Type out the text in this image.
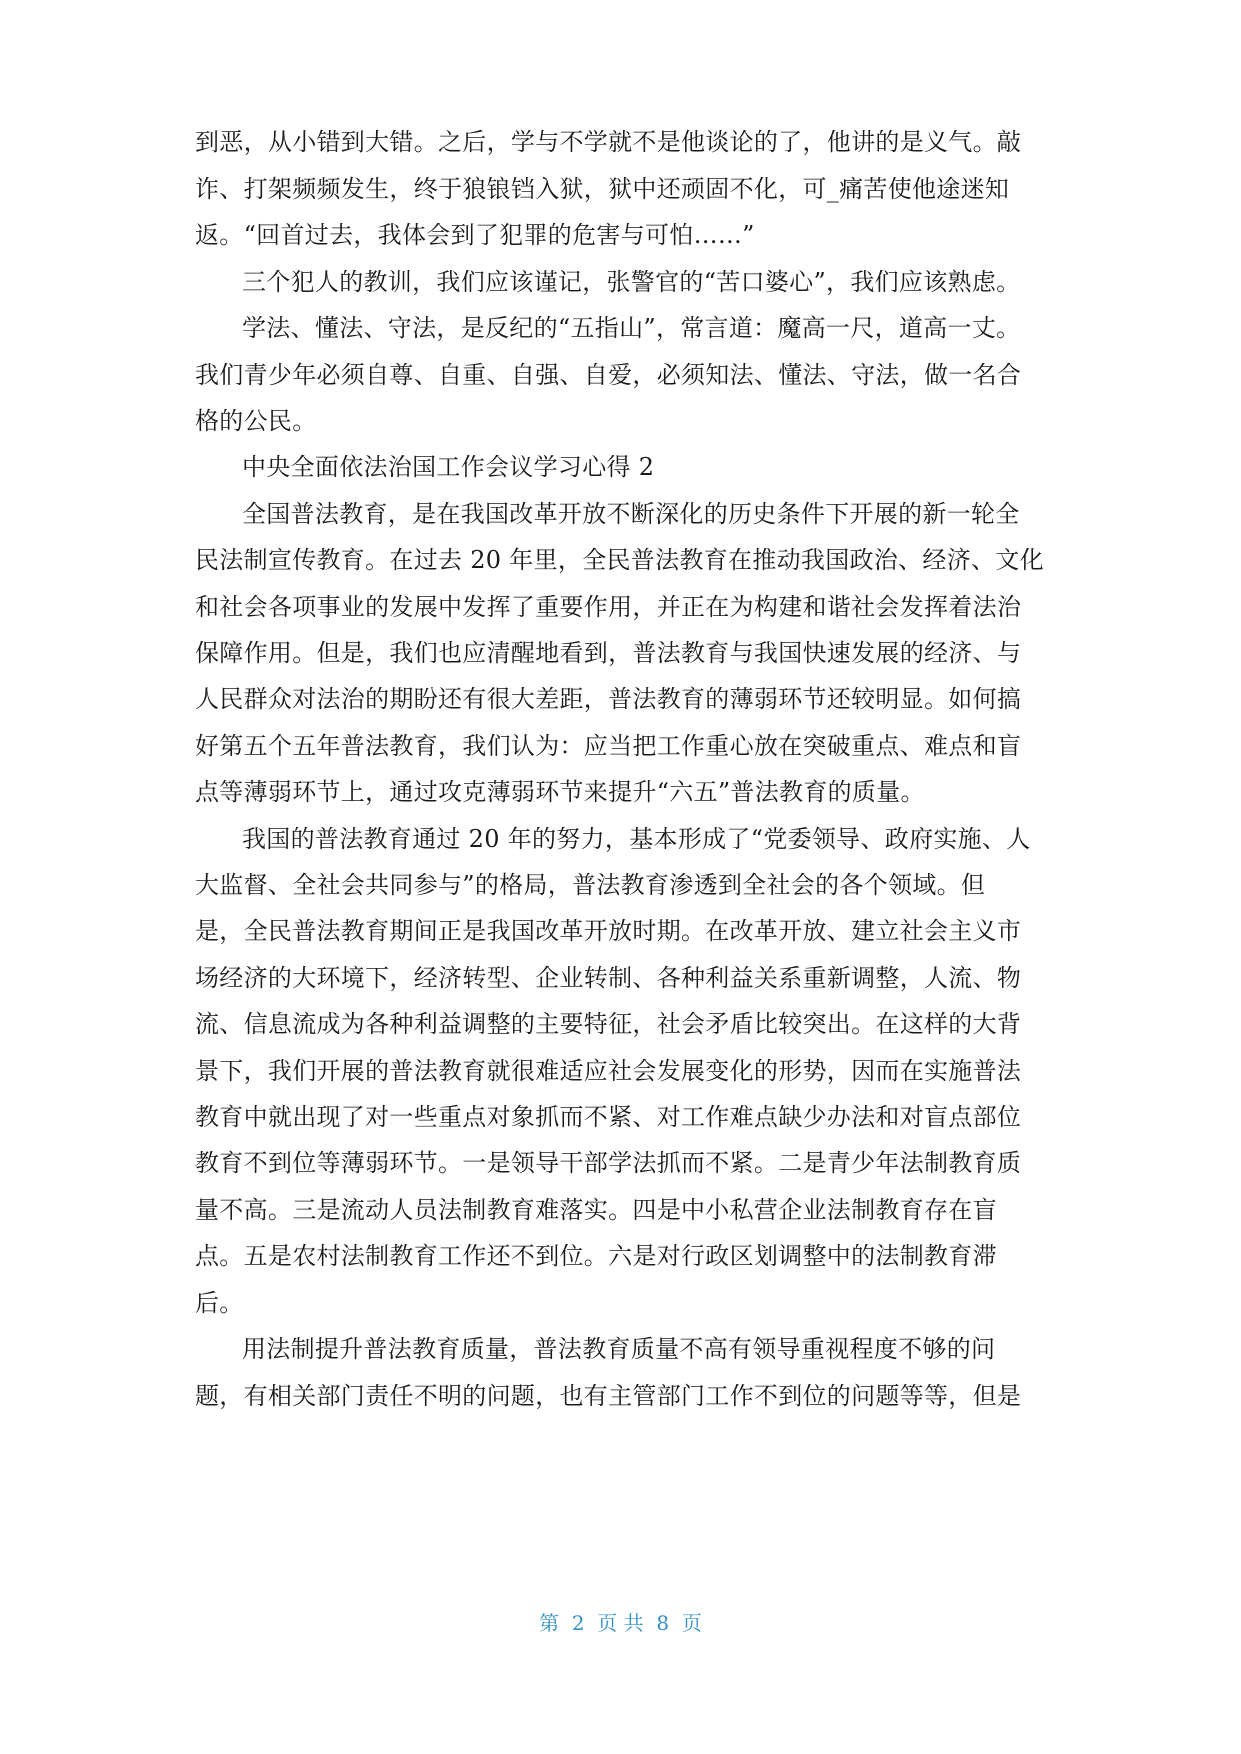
到恶，从小错到大错。之后，学与不学就不是他谈论的了，他讲的是义气。敲
诈、打架频频发生，终于狼锒铛入狱，狱中还顽固不化，可_痛苦使他途迷知
返。“回首过去，我体会到了犯罪的危害与可怕……”
三个犯人的教训，我们应该谨记，张警官的“苦口婆心”，我们应该熟虑。
学法、懂法、守法，是反纪的“五指山”，常言道：魔高一尺，道高一丈。
我们青少年必须自尊、自重、自强、自爱，必须知法、懂法、守法，做一名合
格的公民。
中央全面依法治国工作会议学习心得 2
全国普法教育，是在我国改革开放不断深化的历史条件下开展的新一轮全
民法制宣传教育。在过去 20 年里，全民普法教育在推动我国政治、经济、文化
和社会各项事业的发展中发挥了重要作用，并正在为构建和谐社会发挥着法治
保障作用。但是，我们也应清醒地看到，普法教育与我国快速发展的经济、与
人民群众对法治的期盼还有很大差距，普法教育的薄弱环节还较明显。如何搞
好第五个五年普法教育，我们认为：应当把工作重心放在突破重点、难点和盲
点等薄弱环节上，通过攻克薄弱环节来提升“六五”普法教育的质量。
我国的普法教育通过 20 年的努力，基本形成了“党委领导、政府实施、人
大监督、全社会共同参与”的格局，普法教育渗透到全社会的各个领域。但
是，全民普法教育期间正是我国改革开放时期。在改革开放、建立社会主义市
场经济的大环境下，经济转型、企业转制、各种利益关系重新调整，人流、物
流、信息流成为各种利益调整的主要特征，社会矛盾比较突出。在这样的大背
景下，我们开展的普法教育就很难适应社会发展变化的形势，因而在实施普法
教育中就出现了对一些重点对象抓而不紧、对工作难点缺少办法和对盲点部位
教育不到位等薄弱环节。一是领导干部学法抓而不紧。二是青少年法制教育质
量不高。三是流动人员法制教育难落实。四是中小私营企业法制教育存在盲
点。五是农村法制教育工作还不到位。六是对行政区划调整中的法制教育滞
后。
用法制提升普法教育质量，普法教育质量不高有领导重视程度不够的问
题，有相关部门责任不明的问题，也有主管部门工作不到位的问题等等，但是
第  2  页 共  8  页
